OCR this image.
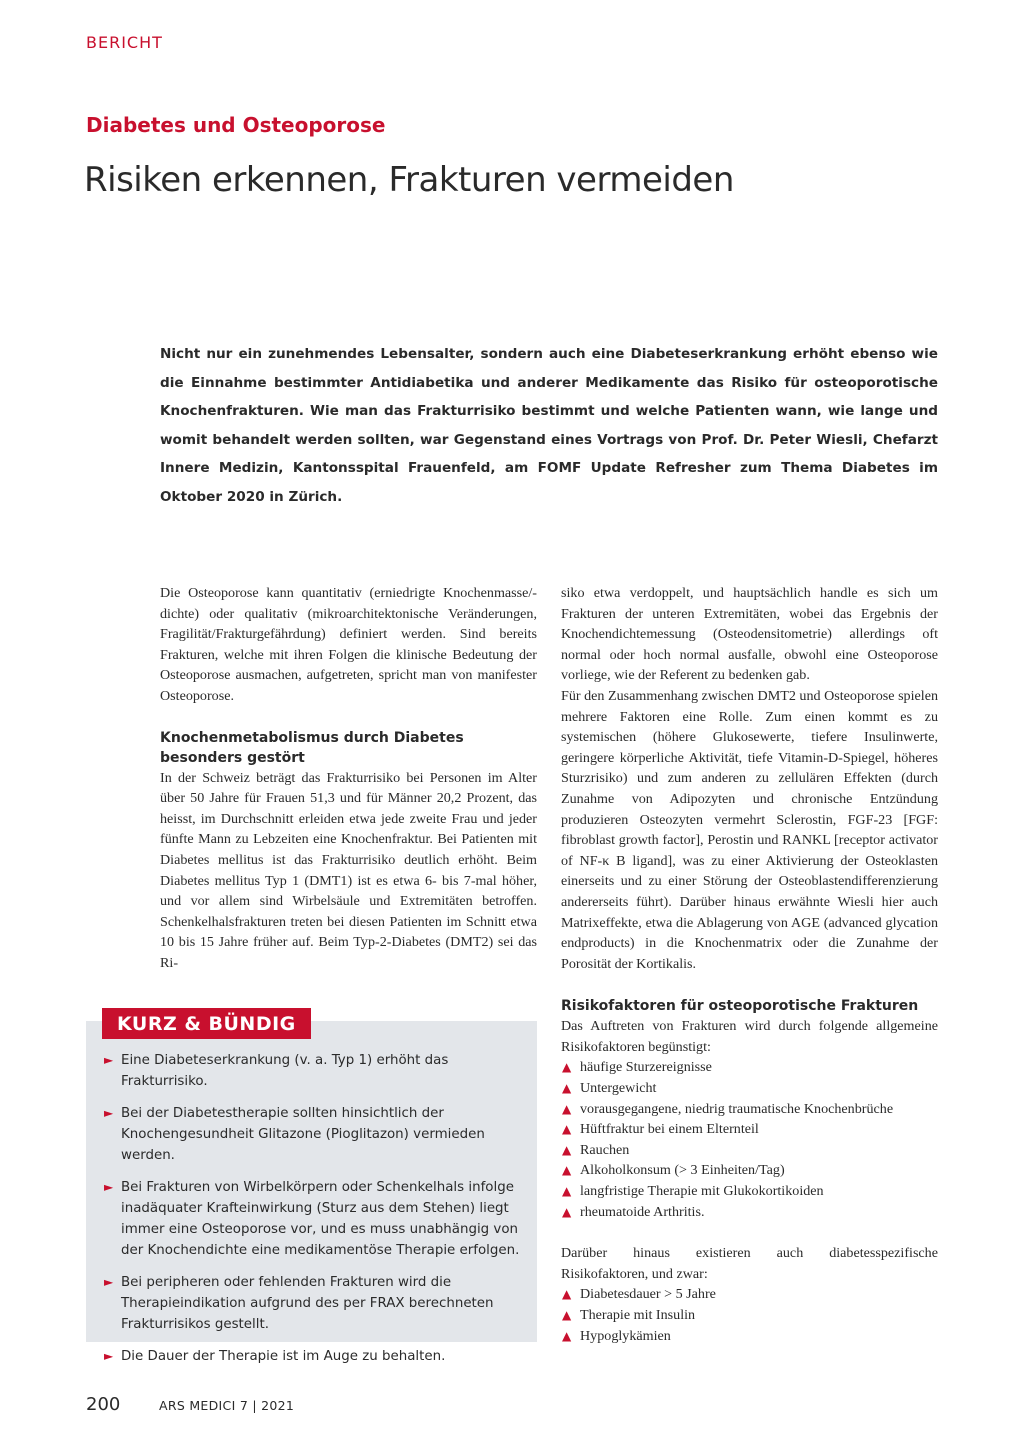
BERICHT
Diabetes und Osteoporose
Risiken erkennen, Frakturen vermeiden
Nicht nur ein zunehmendes Lebensalter, sondern auch eine Diabeteserkrankung erhöht ebenso wie die Einnahme bestimmter Antidiabetika und anderer Medikamente das Risiko für osteoporotische Knochenfrakturen. Wie man das Frakturrisiko bestimmt und welche Patienten wann, wie lange und womit behandelt werden sollten, war Gegenstand eines Vortrags von Prof. Dr. Peter Wiesli, Chefarzt Innere Medizin, Kantonsspital Frauenfeld, am FOMF Update Refresher zum Thema Diabetes im Oktober 2020 in Zürich.

Die Osteoporose kann quantitativ (erniedrigte Knochenmasse/-dichte) oder qualitativ (mikroarchitektonische Veränderungen, Fragilität/Frakturgefährdung) definiert werden. Sind bereits Frakturen, welche mit ihren Folgen die klinische Bedeutung der Osteoporose ausmachen, aufgetreten, spricht man von manifester Osteoporose.

Knochenmetabolismus durch Diabetes besonders gestört

In der Schweiz beträgt das Frakturrisiko bei Personen im Alter über 50 Jahre für Frauen 51,3 und für Männer 20,2 Prozent, das heisst, im Durchschnitt erleiden etwa jede zweite Frau und jeder fünfte Mann zu Lebzeiten eine Knochenfraktur. Bei Patienten mit Diabetes mellitus ist das Frakturrisiko deutlich erhöht. Beim Diabetes mellitus Typ 1 (DMT1) ist es etwa 6- bis 7-mal höher, und vor allem sind Wirbelsäule und Extremitäten betroffen. Schenkelhalsfrakturen treten bei diesen Patienten im Schnitt etwa 10 bis 15 Jahre früher auf. Beim Typ-2-Diabetes (DMT2) sei das Ri-

siko etwa verdoppelt, und hauptsächlich handle es sich um Frakturen der unteren Extremitäten, wobei das Ergebnis der Knochendichtemessung (Osteodensitometrie) allerdings oft normal oder hoch normal ausfalle, obwohl eine Osteoporose vorliege, wie der Referent zu bedenken gab.

Für den Zusammenhang zwischen DMT2 und Osteoporose spielen mehrere Faktoren eine Rolle. Zum einen kommt es zu systemischen (höhere Glukosewerte, tiefere Insulinwerte, geringere körperliche Aktivität, tiefe Vitamin-D-Spiegel, höheres Sturzrisiko) und zum anderen zu zellulären Effekten (durch Zunahme von Adipozyten und chronische Entzündung produzieren Osteozyten vermehrt Sclerostin, FGF-23 [FGF: fibroblast growth factor], Perostin und RANKL [receptor activator of NF-κ B ligand], was zu einer Aktivierung der Osteoklasten einerseits und zu einer Störung der Osteoblastendifferenzierung andererseits führt). Darüber hinaus erwähnte Wiesli hier auch Matrixeffekte, etwa die Ablagerung von AGE (advanced glycation endproducts) in die Knochenmatrix oder die Zunahme der Porosität der Kortikalis.

Risikofaktoren für osteoporotische Frakturen

Das Auftreten von Frakturen wird durch folgende allgemeine Risikofaktoren begünstigt:

▲ häufige Sturzereignisse
▲ Untergewicht
▲ vorausgegangene, niedrig traumatische Knochenbrüche
▲ Hüftfraktur bei einem Elternteil
▲ Rauchen
▲ Alkoholkonsum (> 3 Einheiten/Tag)
▲ langfristige Therapie mit Glukokortikoiden
▲ rheumatoide Arthritis.

Darüber hinaus existieren auch diabetesspezifische Risikofaktoren, und zwar:

▲ Diabetesdauer > 5 Jahre
▲ Therapie mit Insulin
▲ Hypoglykämien
KURZ & BÜNDIG
► Eine Diabeteserkrankung (v. a. Typ 1) erhöht das Frakturrisiko.
► Bei der Diabetestherapie sollten hinsichtlich der Knochengesundheit Glitazone (Pioglitazon) vermieden werden.
► Bei Frakturen von Wirbelkörpern oder Schenkelhals infolge inadäquater Krafteinwirkung (Sturz aus dem Stehen) liegt immer eine Osteoporose vor, und es muss unabhängig von der Knochendichte eine medikamentöse Therapie erfolgen.
► Bei peripheren oder fehlenden Frakturen wird die Therapieindikation aufgrund des per FRAX berechneten Frakturrisikos gestellt.
► Die Dauer der Therapie ist im Auge zu behalten.
200	ARS MEDICI 7 | 2021
